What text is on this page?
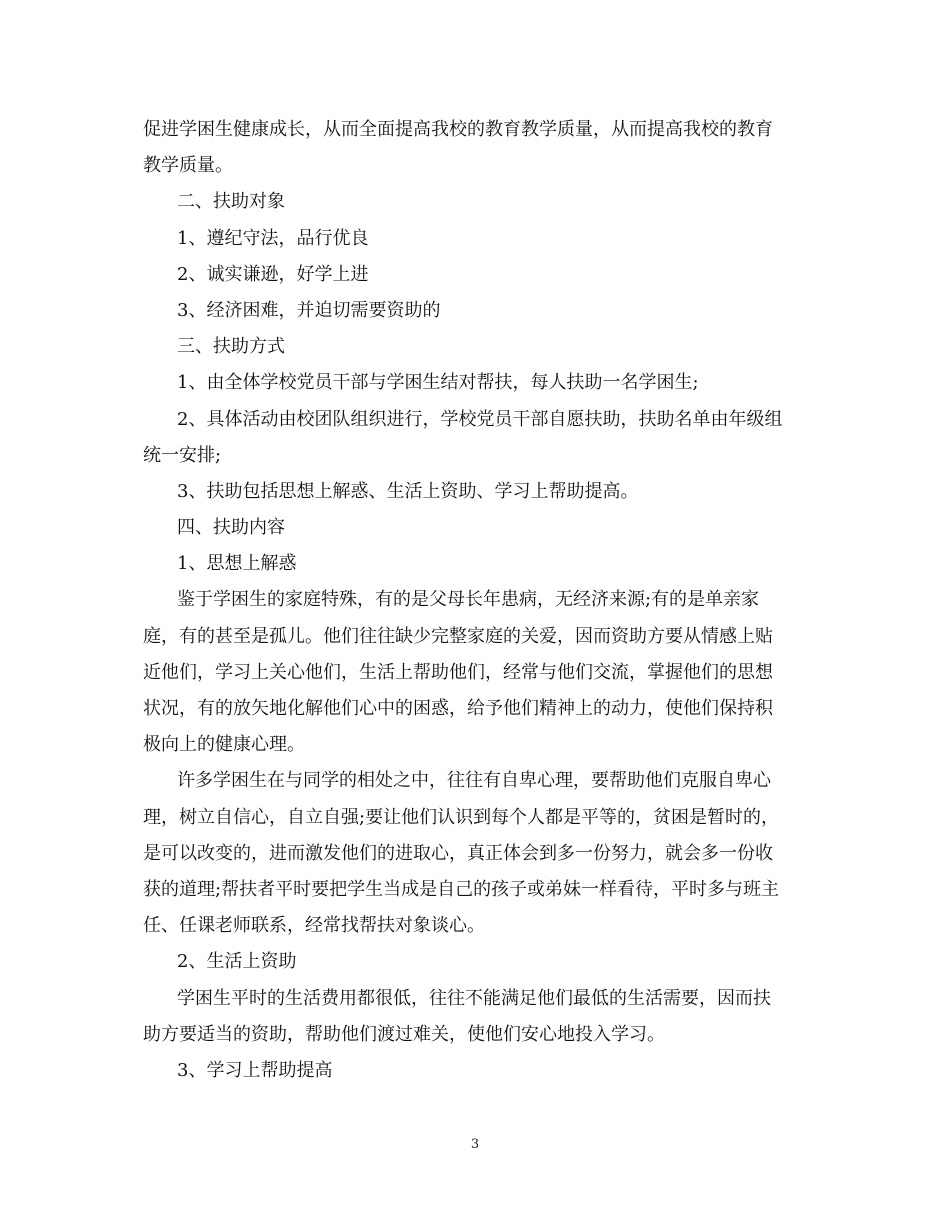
促进学困生健康成长，从而全面提高我校的教育教学质量，从而提高我校的教育
教学质量。
二、扶助对象
1、遵纪守法，品行优良
2、诚实谦逊，好学上进
3、经济困难，并迫切需要资助的
三、扶助方式
1、由全体学校党员干部与学困生结对帮扶，每人扶助一名学困生;
2、具体活动由校团队组织进行，学校党员干部自愿扶助，扶助名单由年级组
统一安排;
3、扶助包括思想上解惑、生活上资助、学习上帮助提高。
四、扶助内容
1、思想上解惑
鉴于学困生的家庭特殊，有的是父母长年患病，无经济来源;有的是单亲家
庭，有的甚至是孤儿。他们往往缺少完整家庭的关爱，因而资助方要从情感上贴
近他们，学习上关心他们，生活上帮助他们，经常与他们交流，掌握他们的思想
状况，有的放矢地化解他们心中的困惑，给予他们精神上的动力，使他们保持积
极向上的健康心理。
许多学困生在与同学的相处之中，往往有自卑心理，要帮助他们克服自卑心
理，树立自信心，自立自强;要让他们认识到每个人都是平等的，贫困是暂时的，
是可以改变的，进而激发他们的进取心，真正体会到多一份努力，就会多一份收
获的道理;帮扶者平时要把学生当成是自己的孩子或弟妹一样看待，平时多与班主
任、任课老师联系，经常找帮扶对象谈心。
2、生活上资助
学困生平时的生活费用都很低，往往不能满足他们最低的生活需要，因而扶
助方要适当的资助，帮助他们渡过难关，使他们安心地投入学习。
3、学习上帮助提高
3
